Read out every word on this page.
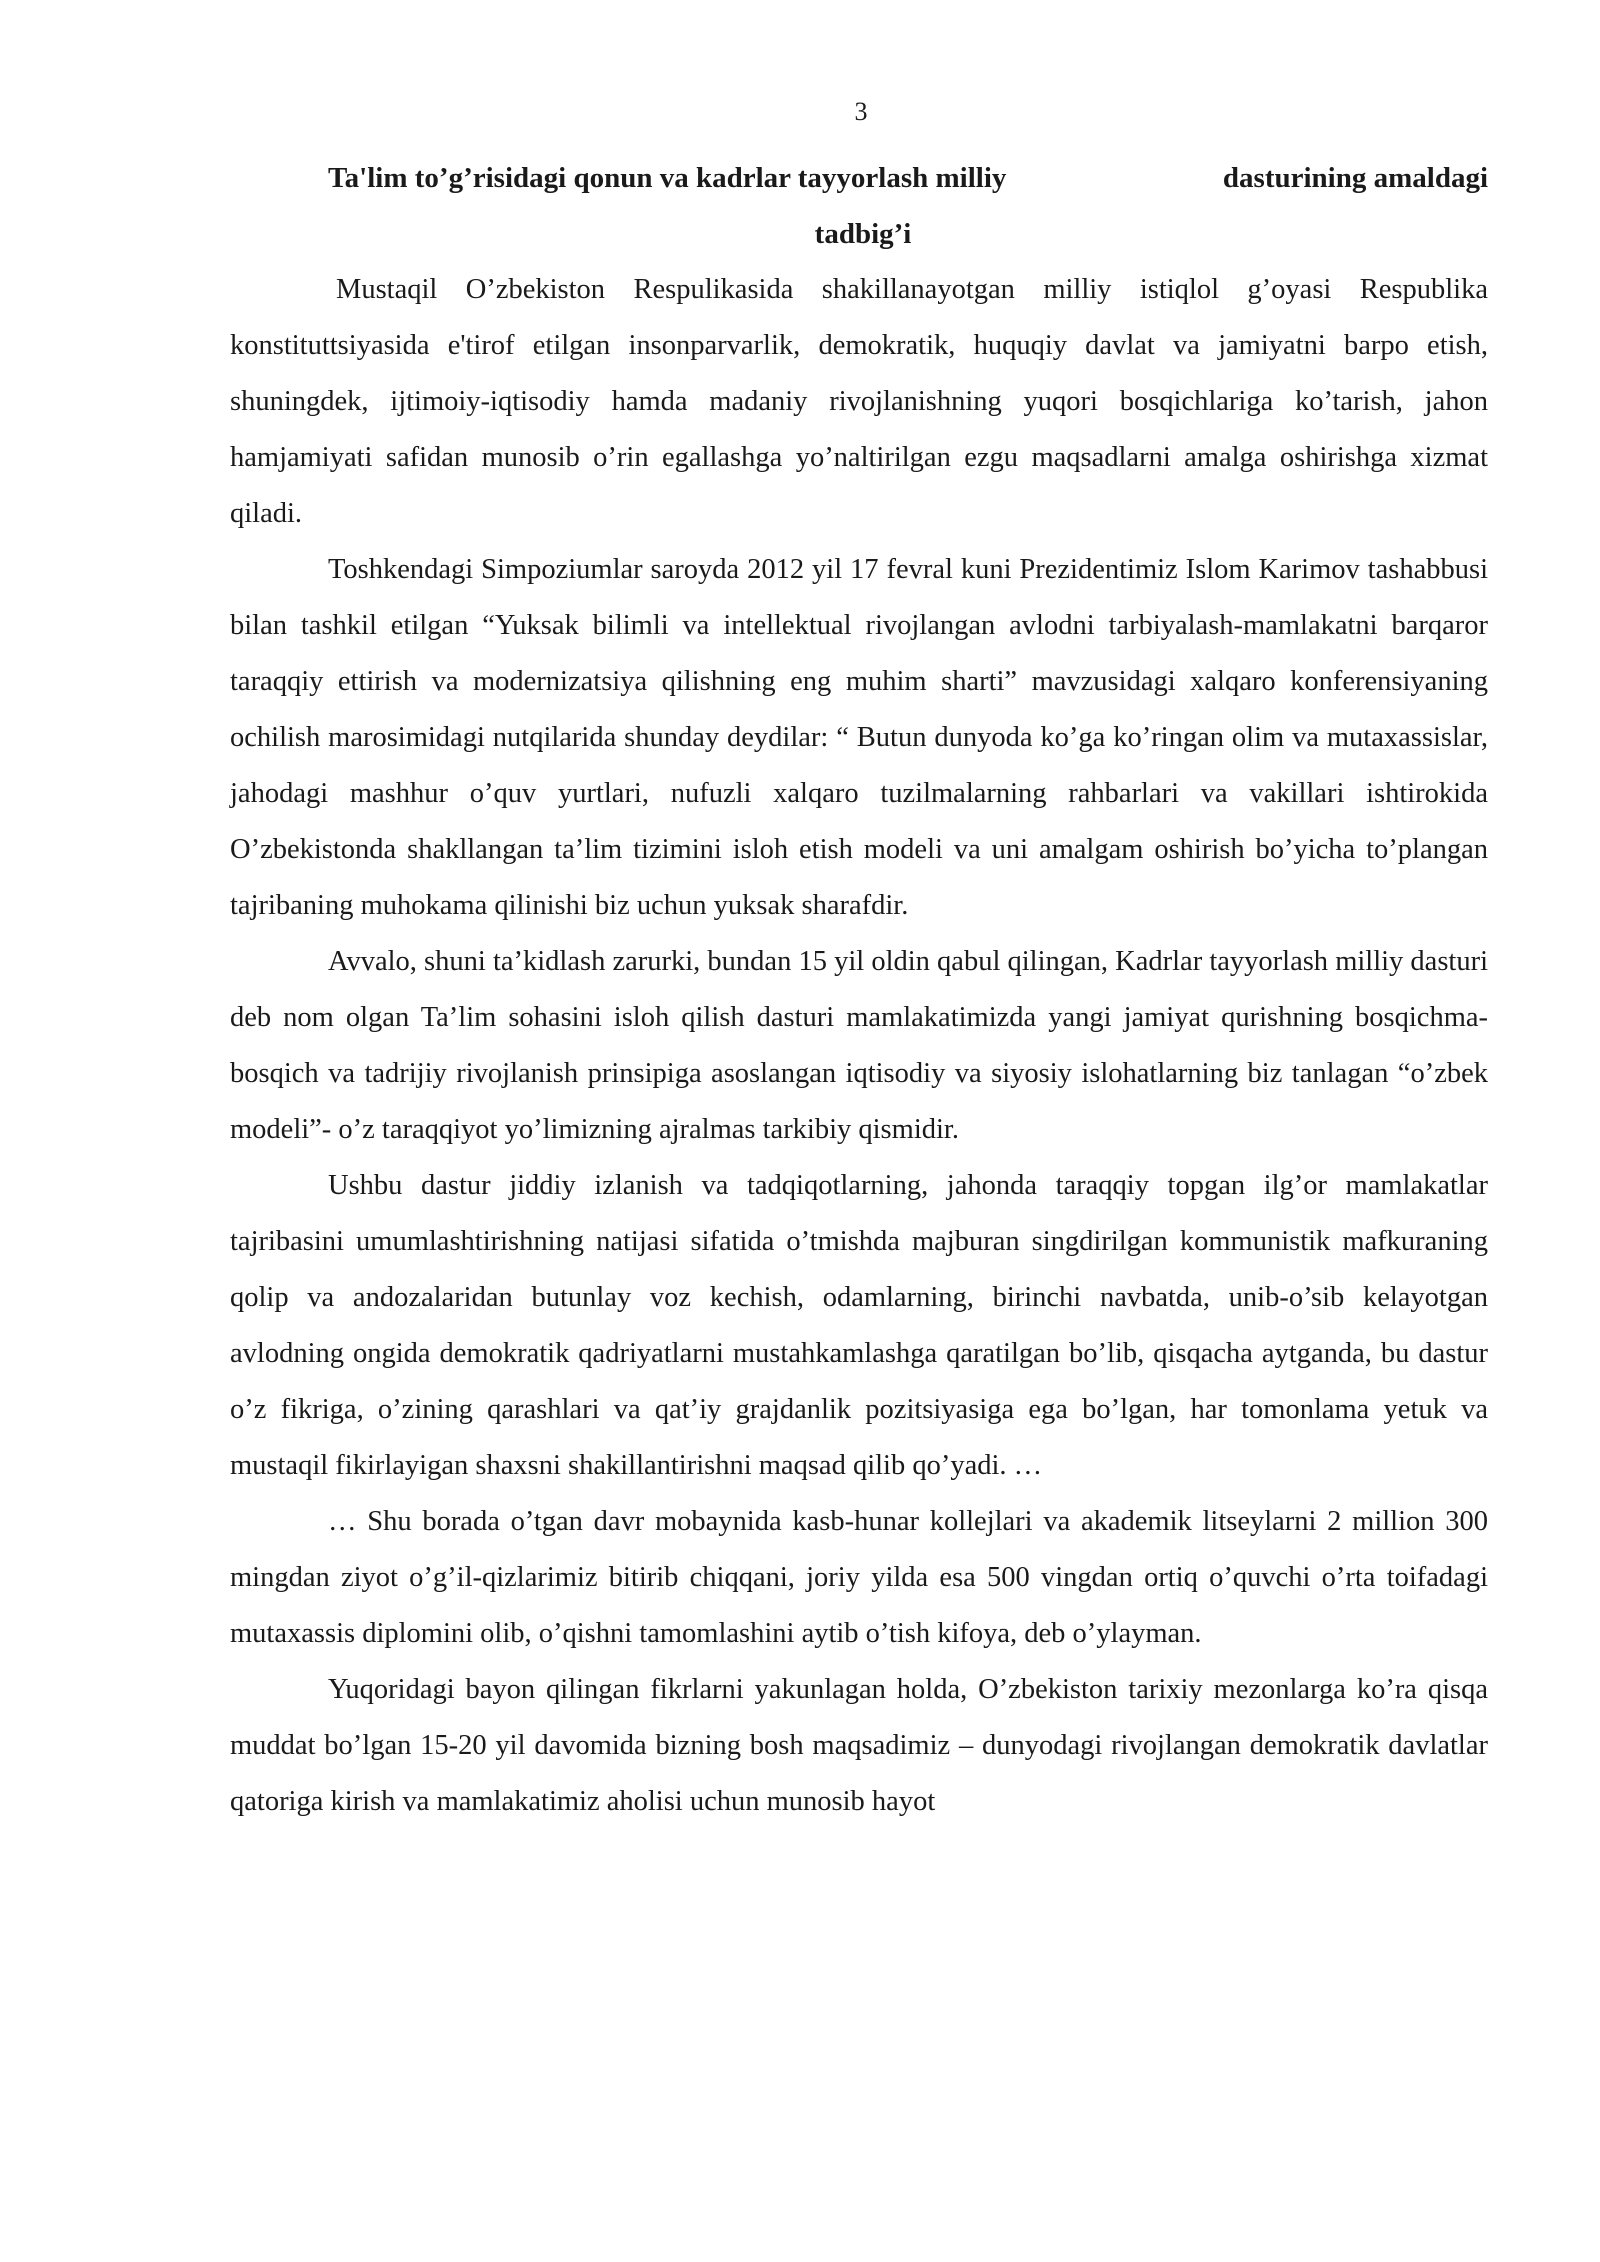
3
Ta'lim to’g’risidagi qonun va kadrlar tayyorlash milliy	dasturining amaldagi
tadbig’i

Mustaqil O’zbekiston Respulikasida shakillanayotgan milliy istiqlol g’oyasi Respublika konstituttsiyasida e'tirof etilgan insonparvarlik, demokratik, huquqiy davlat va jamiyatni barpo etish, shuningdek, ijtimoiy-iqtisodiy hamda madaniy rivojlanishning yuqori bosqichlariga ko’tarish, jahon hamjamiyati safidan munosib o’rin egallashga yo’naltirilgan ezgu maqsadlarni amalga oshirishga xizmat qiladi.

Toshkendagi Simpoziumlar saroyda 2012 yil 17 fevral kuni Prezidentimiz Islom Karimov tashabbusi bilan tashkil etilgan “Yuksak bilimli va intellektual rivojlangan avlodni tarbiyalash-mamlakatni barqaror taraqqiy ettirish va modernizatsiya qilishning eng muhim sharti” mavzusidagi xalqaro konferensiyaning ochilish marosimidagi nutqilarida shunday deydilar: “ Butun dunyoda ko’ga ko’ringan olim va mutaxassislar, jahodagi mashhur o’quv yurtlari, nufuzli xalqaro tuzilmalarning rahbarlari va vakillari ishtirokida O’zbekistonda shakllangan ta’lim tizimini isloh etish modeli va uni amalgam oshirish bo’yicha to’plangan tajribaning muhokama qilinishi biz uchun yuksak sharafdir.

Avvalo, shuni ta’kidlash zarurki, bundan 15 yil oldin qabul qilingan, Kadrlar tayyorlash milliy dasturi deb nom olgan Ta’lim sohasini isloh qilish dasturi mamlakatimizda yangi jamiyat qurishning bosqichma- bosqich va tadrijiy rivojlanish prinsipiga asoslangan iqtisodiy va siyosiy islohatlarning biz tanlagan “o’zbek modeli”- o’z taraqqiyot yo’limizning ajralmas tarkibiy qismidir.

Ushbu dastur jiddiy izlanish va tadqiqotlarning, jahonda taraqqiy topgan ilg’or mamlakatlar tajribasini umumlashtirishning natijasi sifatida o’tmishda majburan singdirilgan kommunistik mafkuraning qolip va andozalaridan butunlay voz kechish, odamlarning, birinchi navbatda, unib-o’sib kelayotgan avlodning ongida demokratik qadriyatlarni mustahkamlashga qaratilgan bo’lib, qisqacha aytganda, bu dastur o’z fikriga, o’zining qarashlari va qat’iy grajdanlik pozitsiyasiga ega bo’lgan, har tomonlama yetuk va mustaqil fikirlayigan shaxsni shakillantirishni maqsad qilib qo’yadi. …

… Shu borada o’tgan davr mobaynida kasb-hunar kollejlari va akademik litseylarni 2 million 300 mingdan ziyot o’g’il-qizlarimiz bitirib chiqqani, joriy yilda esa 500 vingdan ortiq o’quvchi o’rta toifadagi mutaxassis diplomini olib, o’qishni tamomlashini aytib o’tish kifoya, deb o’ylayman.

Yuqoridagi bayon qilingan fikrlarni yakunlagan holda, O’zbekiston tarixiy mezonlarga ko’ra qisqa muddat bo’lgan 15-20 yil davomida bizning bosh maqsadimiz – dunyodagi rivojlangan demokratik davlatlar qatoriga kirish va mamlakatimiz aholisi uchun munosib hayot
